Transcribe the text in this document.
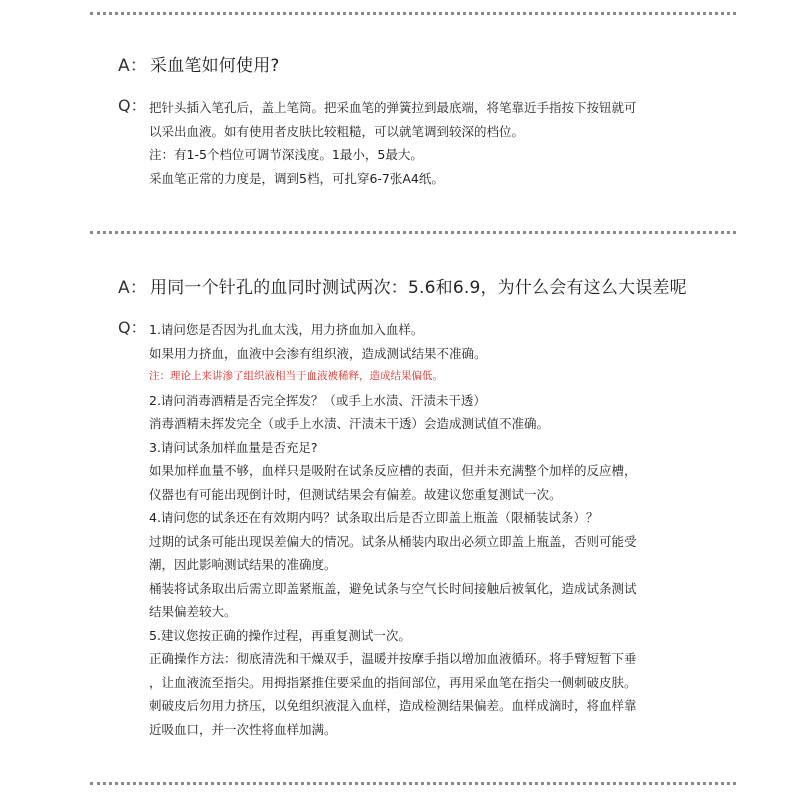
A： 采血笔如何使用?
Q： 把针头插入笔孔后，盖上笔筒。把采血笔的弹簧拉到最底端，将笔靠近手指按下按钮就可
以采出血液。如有使用者皮肤比较粗糙，可以就笔调到较深的档位。
注：有1-5个档位可调节深浅度。1最小，5最大。
采血笔正常的力度是，调到5档，可扎穿6-7张A4纸。
A： 用同一个针孔的血同时测试两次：5.6和6.9，为什么会有这么大误差呢
Q： 1.请问您是否因为扎血太浅，用力挤血加入血样。
如果用力挤血，血液中会渗有组织液，造成测试结果不准确。
注：理论上来讲渗了组织液相当于血液被稀释，造成结果偏低。
2.请问消毒酒精是否完全挥发？（或手上水渍、汗渍未干透）
消毒酒精未挥发完全（或手上水渍、汗渍未干透）会造成测试值不准确。
3.请问试条加样血量是否充足?
如果加样血量不够，血样只是吸附在试条反应槽的表面，但并未充满整个加样的反应槽，
仪器也有可能出现倒计时，但测试结果会有偏差。故建议您重复测试一次。
4.请问您的试条还在有效期内吗？试条取出后是否立即盖上瓶盖（限桶装试条）？
过期的试条可能出现误差偏大的情况。试条从桶装内取出必须立即盖上瓶盖，否则可能受
潮，因此影响测试结果的准确度。
桶装将试条取出后需立即盖紧瓶盖，避免试条与空气长时间接触后被氧化，造成试条测试
结果偏差较大。
5.建议您按正确的操作过程，再重复测试一次。
正确操作方法：彻底清洗和干燥双手，温暖并按摩手指以增加血液循环。将手臂短暂下垂
，让血液流至指尖。用拇指紧推住要采血的指间部位，再用采血笔在指尖一侧刺破皮肤。
刺破皮后勿用力挤压，以免组织液混入血样，造成检测结果偏差。血样成滴时，将血样靠
近吸血口，并一次性将血样加满。
